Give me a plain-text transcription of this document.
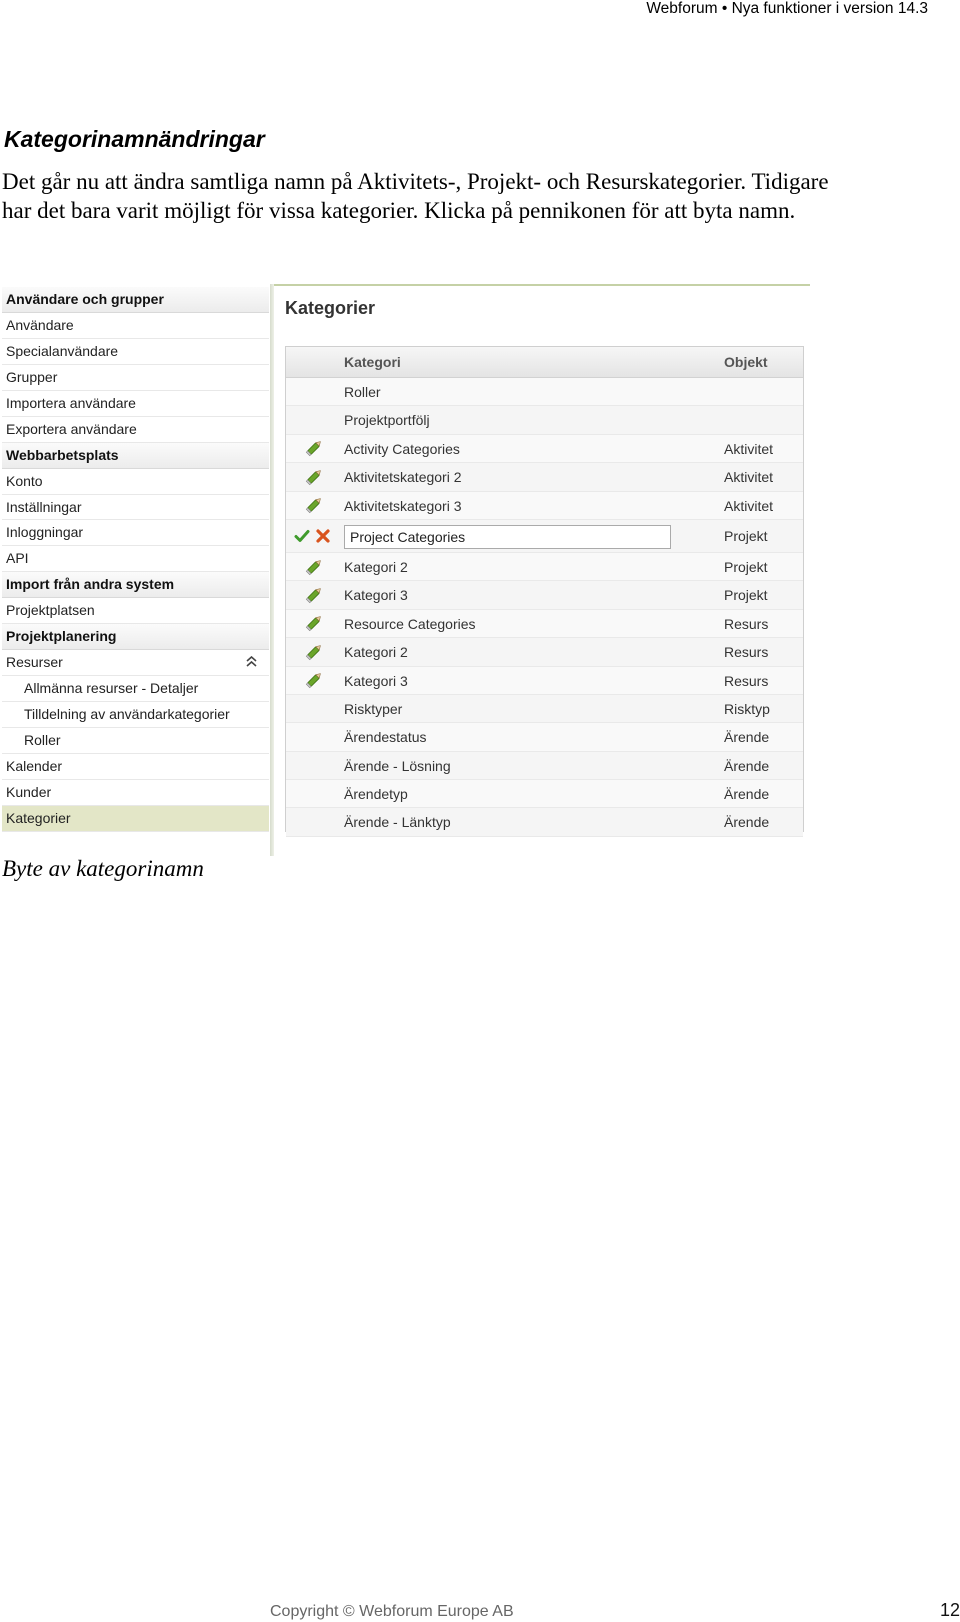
Webforum • Nya funktioner i version 14.3
Kategorinamnändringar

Det går nu att ändra samtliga namn på Aktivitets-, Projekt- och Resurskategorier. Tidigare har det bara varit möjligt för vissa kategorier. Klicka på pennikonen för att byta namn.

Användare och grupper
Användare
Specialanvändare
Grupper
Importera användare
Exportera användare
Webbarbetsplats
Konto
Inställningar
Inloggningar
API
Import från andra system
Projektplatsen
Projektplanering
Resurser
Allmänna resurser - Detaljer
Tilldelning av användarkategorier
Roller
Kalender
Kunder
Kategorier
Kategorier
Kategori	Objekt
Roller
Projektportfölj
Activity Categories	Aktivitet
Aktivitetskategori 2	Aktivitet
Aktivitetskategori 3	Aktivitet
Project Categories	Projekt
Kategori 2	Projekt
Kategori 3	Projekt
Resource Categories	Resurs
Kategori 2	Resurs
Kategori 3	Resurs
Risktyper	Risktyp
Ärendestatus	Ärende
Ärende - Lösning	Ärende
Ärendetyp	Ärende
Ärende - Länktyp	Ärende

Byte av kategorinamn

Copyright © Webforum Europe AB	12
